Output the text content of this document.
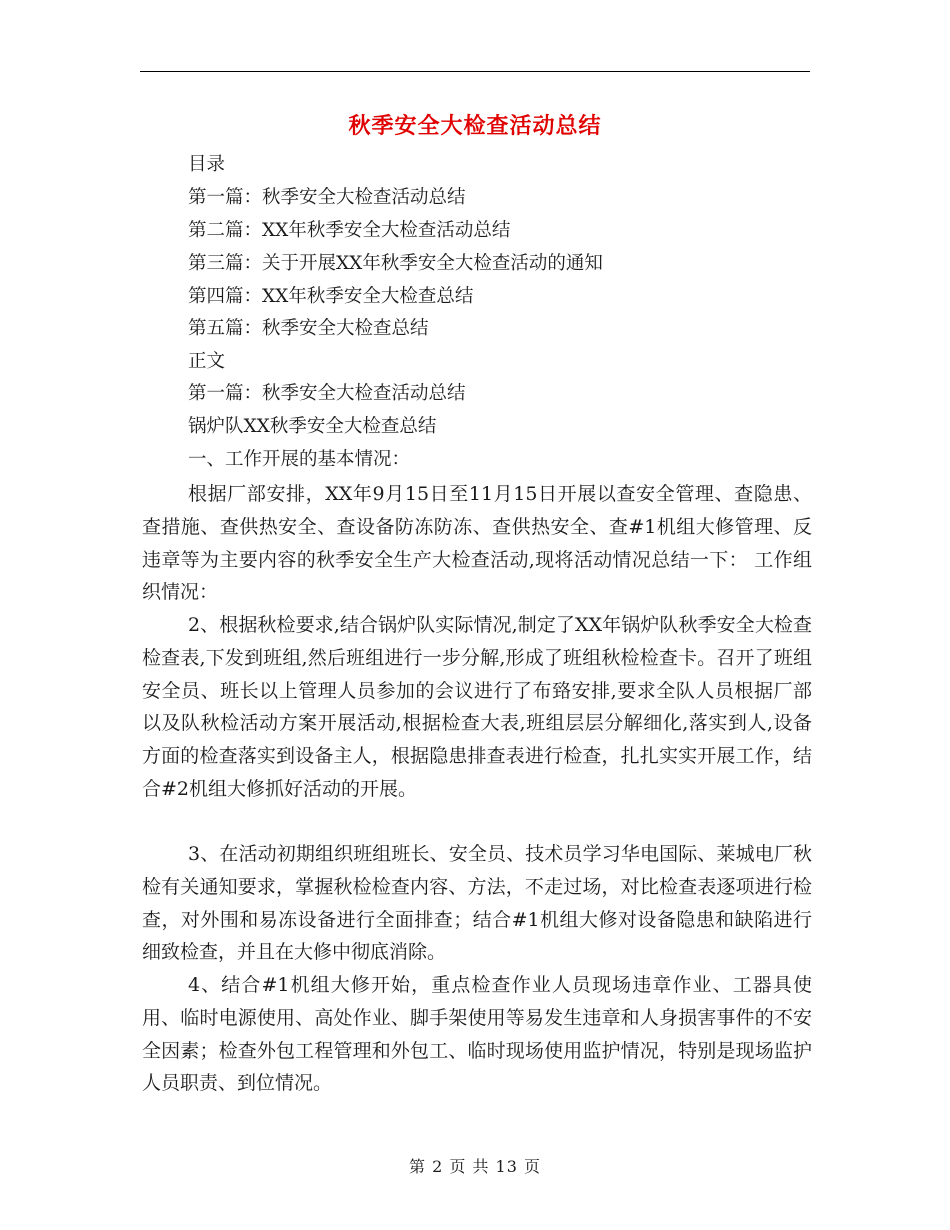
秋季安全大检查活动总结
目录
第一篇：秋季安全大检查活动总结
第二篇：XX年秋季安全大检查活动总结
第三篇：关于开展XX年秋季安全大检查活动的通知
第四篇：XX年秋季安全大检查总结
第五篇：秋季安全大检查总结
正文
第一篇：秋季安全大检查活动总结
锅炉队XX秋季安全大检查总结
一、工作开展的基本情况：

根据厂部安排，XX年9月15日至11月15日开展以查安全管理、查隐患、查措施、查供热安全、查设备防冻防冻、查供热安全、查#1机组大修管理、反违章等为主要内容的秋季安全生产大检查活动,现将活动情况总结一下： 工作组织情况：

2、根据秋检要求,结合锅炉队实际情况,制定了XX年锅炉队秋季安全大检查检查表,下发到班组,然后班组进行一步分解,形成了班组秋检检查卡。召开了班组安全员、班长以上管理人员参加的会议进行了布臵安排,要求全队人员根据厂部以及队秋检活动方案开展活动,根据检查大表,班组层层分解细化,落实到人,设备方面的检查落实到设备主人，根据隐患排查表进行检查，扎扎实实开展工作，结合#2机组大修抓好活动的开展。

3、在活动初期组织班组班长、安全员、技术员学习华电国际、莱城电厂秋检有关通知要求，掌握秋检检查内容、方法，不走过场，对比检查表逐项进行检查，对外围和易冻设备进行全面排查；结合#1机组大修对设备隐患和缺陷进行细致检查，并且在大修中彻底消除。

4、结合#1机组大修开始，重点检查作业人员现场违章作业、工器具使用、临时电源使用、高处作业、脚手架使用等易发生违章和人身损害事件的不安全因素；检查外包工程管理和外包工、临时现场使用监护情况，特别是现场监护人员职责、到位情况。

第 2 页 共 13 页
